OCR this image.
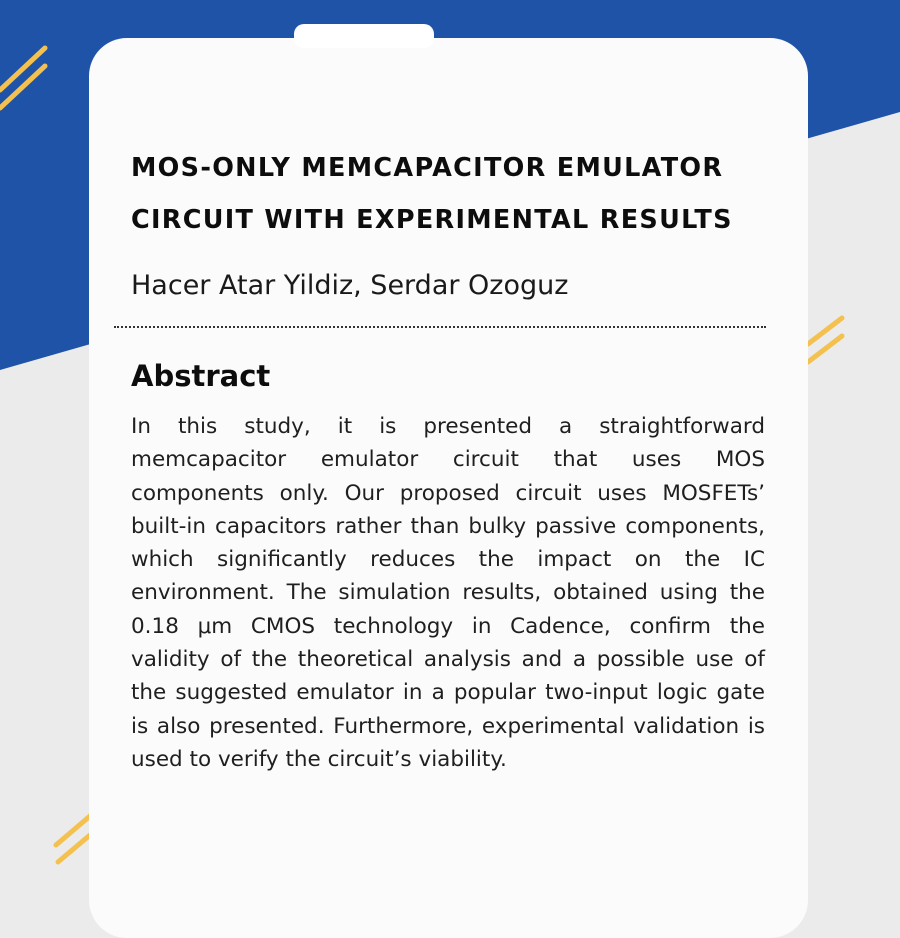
MOS-ONLY MEMCAPACITOR EMULATOR CIRCUIT WITH EXPERIMENTAL RESULTS

Hacer Atar Yildiz, Serdar Ozoguz

Abstract

In this study, it is presented a straightforward memcapacitor emulator circuit that uses MOS components only. Our proposed circuit uses MOSFETs’ built-in capacitors rather than bulky passive components, which significantly reduces the impact on the IC environment. The simulation results, obtained using the 0.18 μm CMOS technology in Cadence, confirm the validity of the theoretical analysis and a possible use of the suggested emulator in a popular two-input logic gate is also presented. Furthermore, experimental validation is used to verify the circuit’s viability.
